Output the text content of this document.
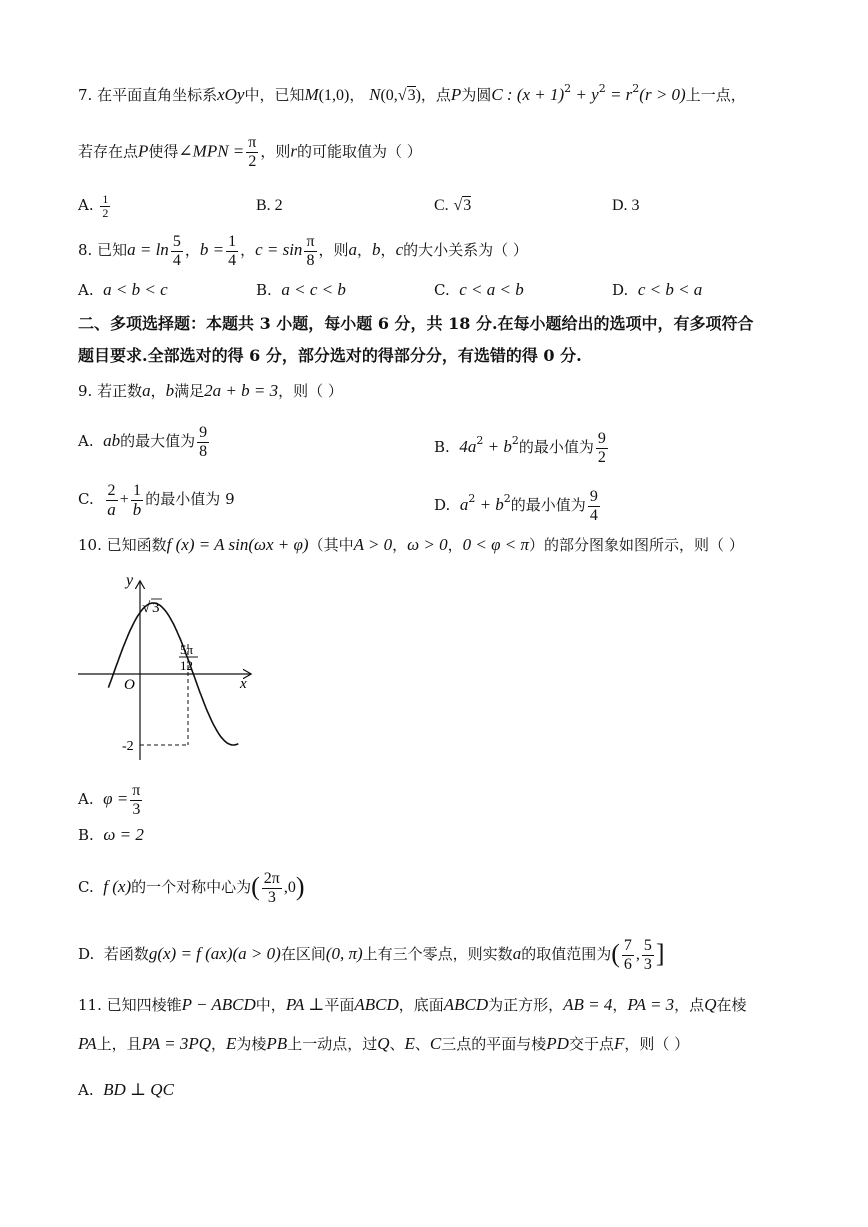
7. 在平面直角坐标系xOy中，已知M(1,0)， N(0,√3)，点P为圆C : $(x + 1)^2 + y^2 = r^2(r > 0)$上一点，
若存在点P使得∠MPN = $\frac{\pi}{2}$ ，则r的可能取值为（ ）
A. $\frac{1}{2}$	B. 2	C. √3	D. 3
8. 已知$a = \ln \frac{5}{4}$ ，$b = \frac{1}{4}$ ，$c = \sin \frac{\pi}{8}$ ，则a，b，c的大小关系为（ ）
A. a < b < c	B. a < c < b	C. c < a < b	D. c < b < a
二、多项选择题：本题共 3 小题，每小题 6 分，共 18 分.在每小题给出的选项中，有多项符合
题目要求.全部选对的得 6 分，部分选对的得部分分，有选错的得 0 分.
9. 若正数a，b满足2a + b = 3，则（ ）
A. ab的最大值为 $\frac{9}{8}$	B. $4a^2 + b^2$的最小值为 $\frac{9}{2}$
C. $\frac{2}{a} + \frac{1}{b}$ 的最小值为 9	D. $a^2 + b^2$的最小值为 $\frac{9}{4}$
10. 已知函数f (x) = A sin(ωx + φ)（其中A > 0，ω > 0，0 < φ < π）的部分图象如图所示，则（ ）
y
x
O
√ 3
5π
12
-2
A. $\varphi = \frac{\pi}{3}$
B. ω = 2
C. f (x)的一个对称中心为( $\frac{2\pi}{3} ,0$)
D. 若函数g(x) = f (ax)(a > 0)在区间(0, π)上有三个零点，则实数a的取值范围为( $\frac{7}{6}$ , $\frac{5}{3}$ ]
11. 已知四棱锥P − ABCD中，PA ⊥平面ABCD，底面ABCD为正方形，AB = 4，PA = 3，点Q在棱
PA上，且PA = 3PQ，E为棱PB上一动点，过Q、E、C三点的平面与棱PD交于点F，则（ ）
A. BD ⊥ QC
